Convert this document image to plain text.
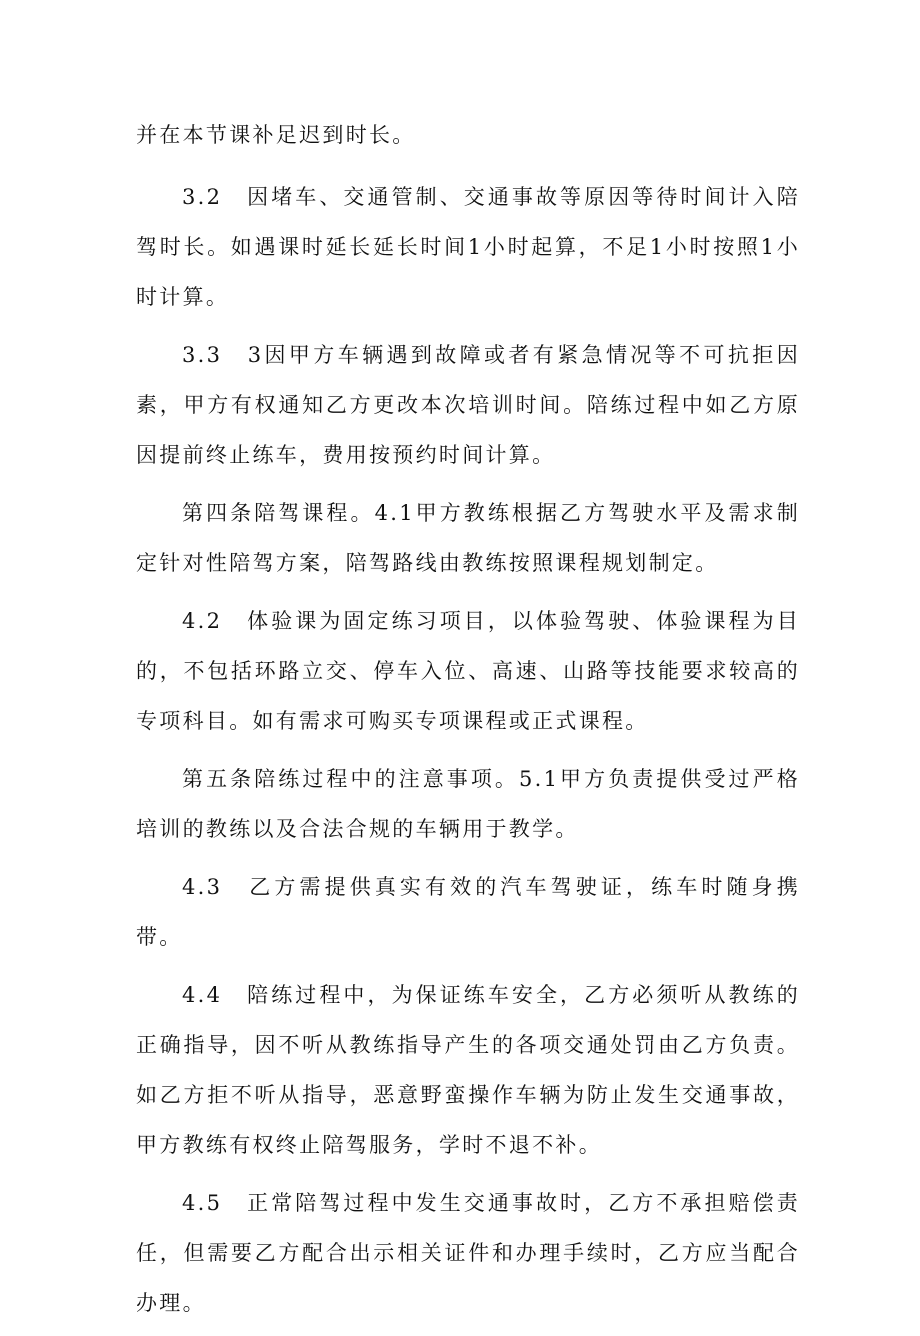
并在本节课补足迟到时长。

3.2　因堵车、交通管制、交通事故等原因等待时间计入陪驾时长。如遇课时延长延长时间1小时起算，不足1小时按照1小时计算。

3.3　3因甲方车辆遇到故障或者有紧急情况等不可抗拒因素，甲方有权通知乙方更改本次培训时间。陪练过程中如乙方原因提前终止练车，费用按预约时间计算。

第四条陪驾课程。4.1甲方教练根据乙方驾驶水平及需求制定针对性陪驾方案，陪驾路线由教练按照课程规划制定。

4.2　体验课为固定练习项目，以体验驾驶、体验课程为目的，不包括环路立交、停车入位、高速、山路等技能要求较高的专项科目。如有需求可购买专项课程或正式课程。

第五条陪练过程中的注意事项。5.1甲方负责提供受过严格培训的教练以及合法合规的车辆用于教学。

4.3　乙方需提供真实有效的汽车驾驶证，练车时随身携带。

4.4　陪练过程中，为保证练车安全，乙方必须听从教练的正确指导，因不听从教练指导产生的各项交通处罚由乙方负责。如乙方拒不听从指导，恶意野蛮操作车辆为防止发生交通事故，甲方教练有权终止陪驾服务，学时不退不补。

4.5　正常陪驾过程中发生交通事故时，乙方不承担赔偿责任，但需要乙方配合出示相关证件和办理手续时，乙方应当配合办理。
